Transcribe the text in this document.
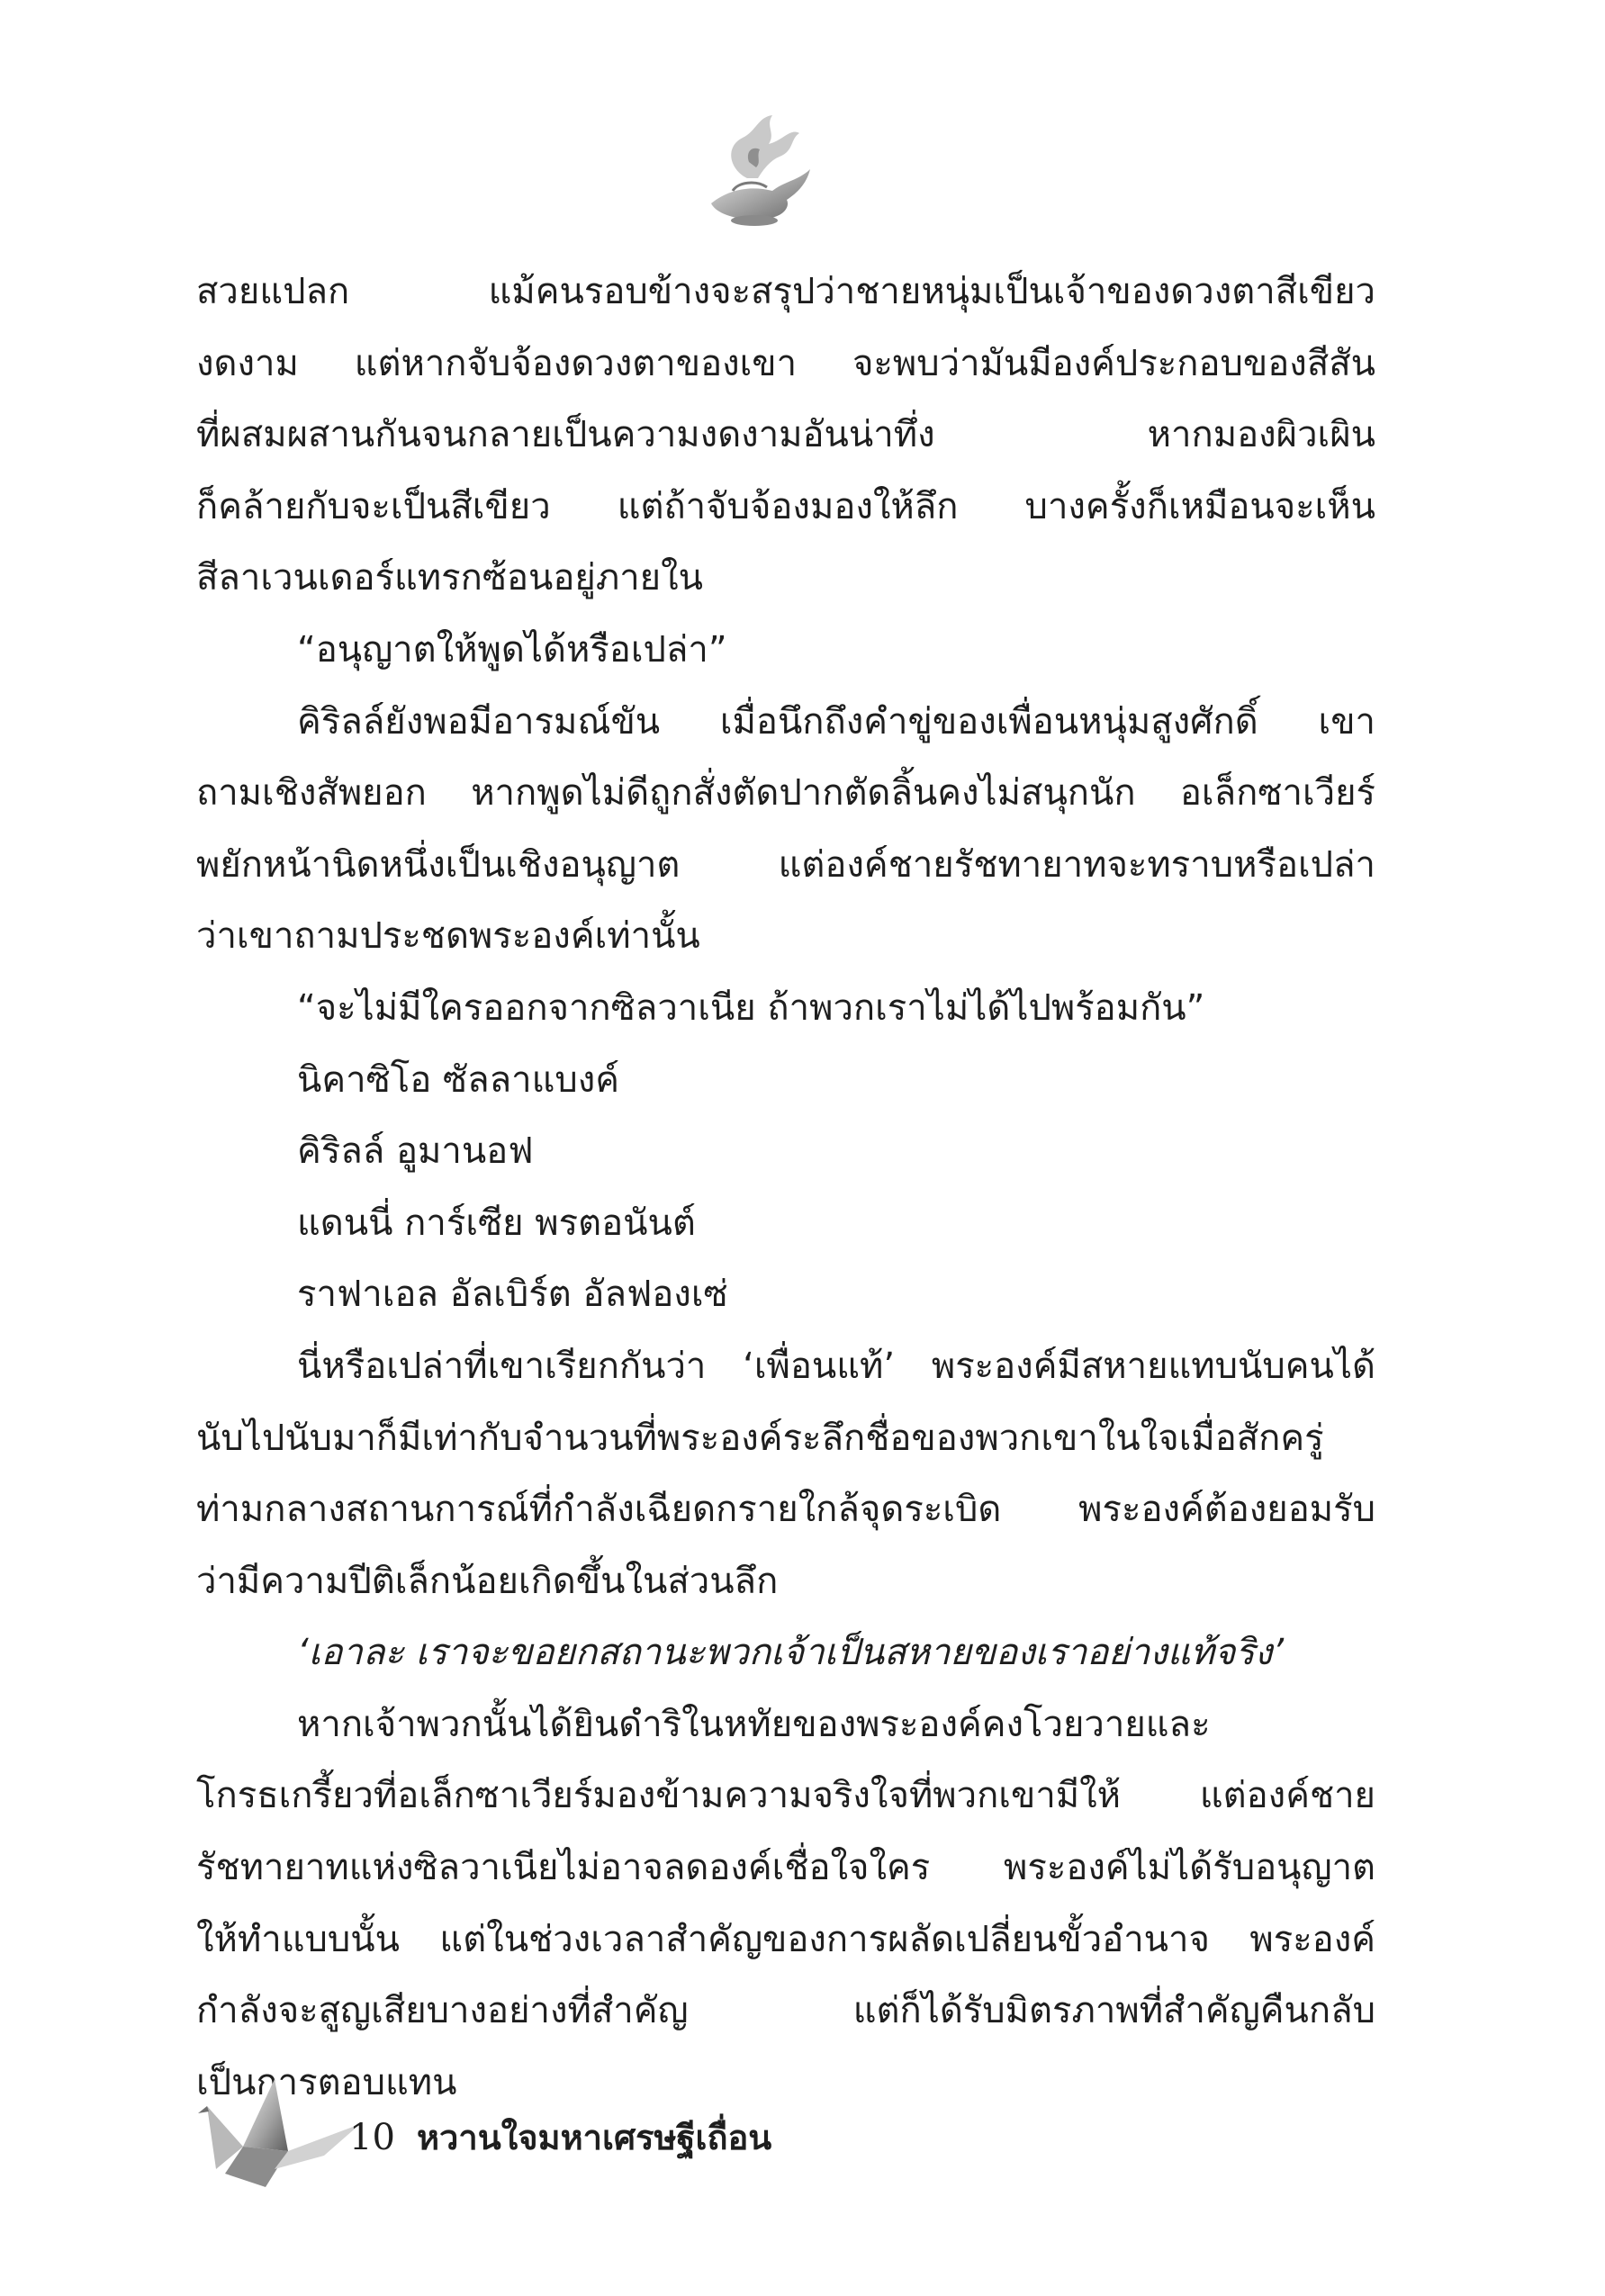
สวยแปลก แม้คนรอบข้างจะสรุปว่าชายหนุ่มเป็นเจ้าของดวงตาสีเขียว

งดงาม แต่หากจับจ้องดวงตาของเขา จะพบว่ามันมีองค์ประกอบของสีสัน

ที่ผสมผสานกันจนกลายเป็นความงดงามอันน่าทึ่ง หากมองผิวเผิน

ก็คล้ายกับจะเป็นสีเขียว แต่ถ้าจับจ้องมองให้ลึก บางครั้งก็เหมือนจะเห็น

สีลาเวนเดอร์แทรกซ้อนอยู่ภายใน

“อนุญาตให้พูดได้หรือเปล่า”

คิริลล์ยังพอมีอารมณ์ขัน เมื่อนึกถึงคำขู่ของเพื่อนหนุ่มสูงศักดิ์ เขา

ถามเชิงสัพยอก หากพูดไม่ดีถูกสั่งตัดปากตัดลิ้นคงไม่สนุกนัก อเล็กซาเวียร์

พยักหน้านิดหนึ่งเป็นเชิงอนุญาต แต่องค์ชายรัชทายาทจะทราบหรือเปล่า

ว่าเขาถามประชดพระองค์เท่านั้น

“จะไม่มีใครออกจากซิลวาเนีย ถ้าพวกเราไม่ได้ไปพร้อมกัน”

นิคาซิโอ ซัลลาแบงค์

คิริลล์ อูมานอฟ

แดนนี่ การ์เซีย พรตอนันต์

ราฟาเอล อัลเบิร์ต อัลฟองเซ่

นี่หรือเปล่าที่เขาเรียกกันว่า ‘เพื่อนแท้’ พระองค์มีสหายแทบนับคนได้

นับไปนับมาก็มีเท่ากับจำนวนที่พระองค์ระลึกชื่อของพวกเขาในใจเมื่อสักครู่

ท่ามกลางสถานการณ์ที่กำลังเฉียดกรายใกล้จุดระเบิด พระองค์ต้องยอมรับ

ว่ามีความปีติเล็กน้อยเกิดขึ้นในส่วนลึก

‘เอาละ เราจะขอยกสถานะพวกเจ้าเป็นสหายของเราอย่างแท้จริง’

หากเจ้าพวกนั้นได้ยินดำริในหทัยของพระองค์คงโวยวายและ

โกรธเกรี้ยวที่อเล็กซาเวียร์มองข้ามความจริงใจที่พวกเขามีให้ แต่องค์ชาย

รัชทายาทแห่งซิลวาเนียไม่อาจลดองค์เชื่อใจใคร พระองค์ไม่ได้รับอนุญาต

ให้ทำแบบนั้น แต่ในช่วงเวลาสำคัญของการผลัดเปลี่ยนขั้วอำนาจ พระองค์

กำลังจะสูญเสียบางอย่างที่สำคัญ แต่ก็ได้รับมิตรภาพที่สำคัญคืนกลับ

เป็นการตอบแทน

10 หวานใจมหาเศรษฐีเถื่อน
